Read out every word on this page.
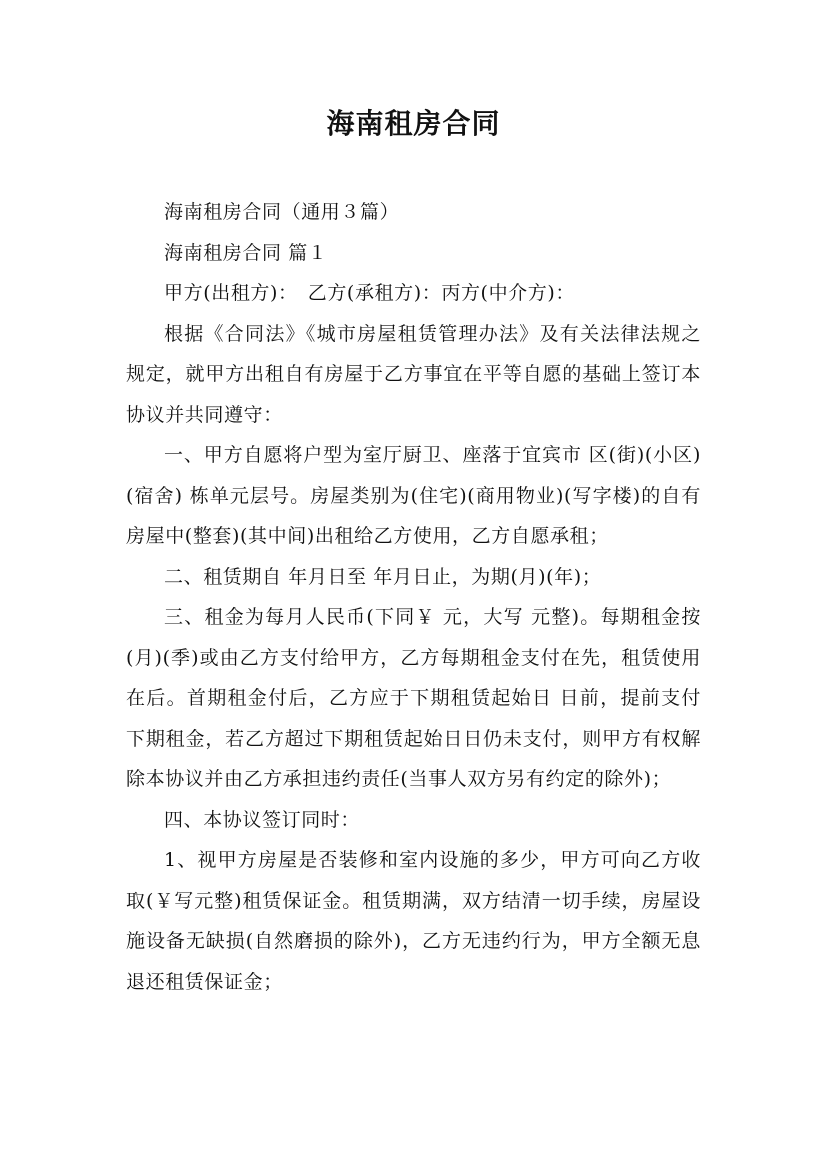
海南租房合同

海南租房合同（通用３篇）

海南租房合同 篇１

甲方(出租方)：　乙方(承租方)：丙方(中介方)：

根据《合同法》《城市房屋租赁管理办法》及有关法律法规之规定，就甲方出租自有房屋于乙方事宜在平等自愿的基础上签订本协议并共同遵守：

一、甲方自愿将户型为室厅厨卫、座落于宜宾市 区(街)(小区)(宿舍) 栋单元层号。房屋类别为(住宅)(商用物业)(写字楼)的自有房屋中(整套)(其中间)出租给乙方使用，乙方自愿承租；

二、租赁期自 年月日至 年月日止，为期(月)(年)；

三、租金为每月人民币(下同￥ 元，大写 元整)。每期租金按(月)(季)或由乙方支付给甲方，乙方每期租金支付在先，租赁使用在后。首期租金付后，乙方应于下期租赁起始日 日前，提前支付下期租金，若乙方超过下期租赁起始日日仍未支付，则甲方有权解除本协议并由乙方承担违约责任(当事人双方另有约定的除外)；

四、本协议签订同时：

1、视甲方房屋是否装修和室内设施的多少，甲方可向乙方收取(￥写元整)租赁保证金。租赁期满，双方结清一切手续，房屋设施设备无缺损(自然磨损的除外)，乙方无违约行为，甲方全额无息退还租赁保证金；
